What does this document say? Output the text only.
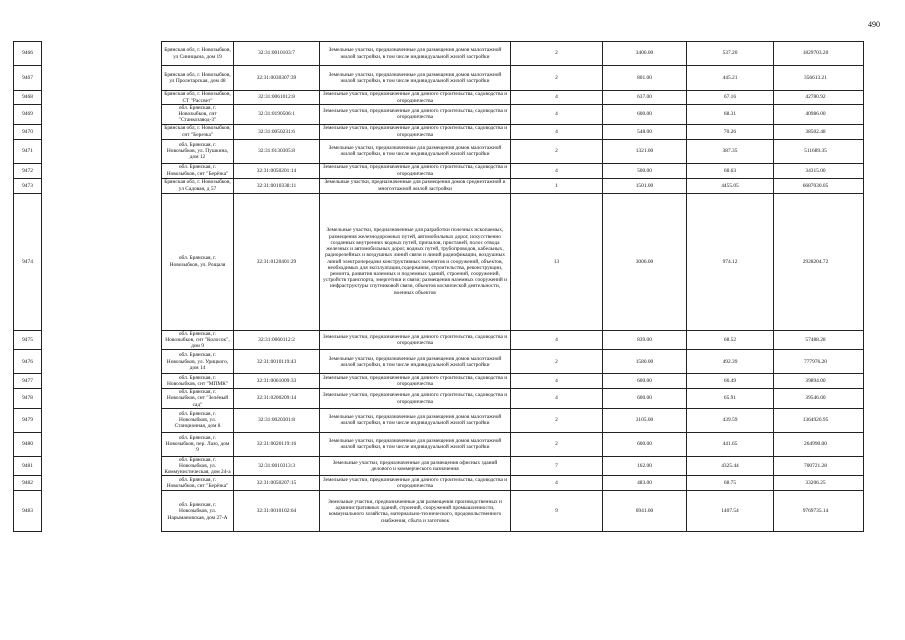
490
9466		Брянская обл, г. Новозыбков, ул Синицына, дом 19	32:31:0010103:7	Земельные участки, предназначенные для размещения домов малоэтажной жилой застройки, в том числе индивидуальной жилой застройки	2	3406.00	537.20	1829703.20
9467		Брянская обл, г. Новозыбков, ул Пролетарская, дом 48	32:31:0030307:39	Земельные участки, предназначенные для размещения домов малоэтажной жилой застройки, в том числе индивидуальной жилой застройки	2	801.00	445.21	356613.21
9468		Брянская обл, г. Новозыбков, СТ "Рассвет"	32:31:0061012:8	Земельные участки, предназначенные для дачного строительства, садоводства и огородничества	4	637.00	67.16	42780.92
9469		обл. Брянская, г. Новозыбков, снт "Станкозавод-3"	32:31:0190506:1	Земельные участки, предназначенные для дачного строительства, садоводства и огородничества	4	600.00	68.31	40986.00
9470		Брянская обл, г. Новозыбков, снт "Березка"	32:31:0050231:6	Земельные участки, предназначенные для дачного строительства, садоводства и огородничества	4	548.00	70.26	38502.48
9471		обл. Брянская, г. Новозыбков, ул. Пушкина, дом 12	32:31:0130305:8	Земельные участки, предназначенные для размещения домов малоэтажной жилой застройки, в том числе индивидуальной жилой застройки	2	1321.00	387.35	511689.35
9472		обл. Брянская, г. Новозыбков, снт "Берёзка"	32:31:0050201:14	Земельные участки, предназначенные для дачного строительства, садоводства и огородничества	4	500.00	68.63	34315.00
9473		Брянская обл, г. Новозыбков, ул Садовая, д 57	32:31:0010338:11	Земельные участки, предназначенные для размещения домов среднеэтажной и многоэтажной жилой застройки	1	1501.00	4455.05	6687030.05
9474		обл. Брянская, г. Новозыбков, ул. Рощаля	32:31:0120401:29	Земельные участки, предназначенные для разработки полезных ископаемых, размещения железнодорожных путей, автомобильных дорог, искусственно созданных внутренних водных путей, причалов, пристаней, полос отвода железных и автомобильных дорог, водных путей, трубопроводов, кабельных, радиорелейных и воздушных линий связи и линий радиофикации, воздушных линий электропередачи конструктивных элементов и сооружений, объектов, необходимых для эксплуатации,содержания, строительства, реконструкции, ремонта, развития наземных и подземных зданий, строений, сооружений, устройств транспорта, энергетики и связи; размещения наземных сооружений и инфраструктуры спутниковой связи, объектов космической деятельности, военных объектов	13	3006.00	974.12	2928204.72
9475		обл. Брянская, г. Новозыбков, снт "Колосок", дом 9	32:31:0060112:2	Земельные участки, предназначенные для дачного строительства, садоводства и огородничества	4	839.00	68.52	57488.28
9476		обл. Брянская, г. Новозыбков, ул. Урицкого, дом 14	32:31:0010119:43	Земельные участки, предназначенные для размещения домов малоэтажной жилой застройки, в том числе индивидуальной жилой застройки	2	1580.00	492.39	777976.20
9477		обл. Брянская, г. Новозыбков, снт "МПМК"	32:31:0061009:33	Земельные участки, предназначенные для дачного строительства, садоводства и огородничества	4	600.00	66.49	39894.00
9478		обл. Брянская, г. Новозыбков, снт "Зелёный сад"	32:31:0200209:14	Земельные участки, предназначенные для дачного строительства, садоводства и огородничества	4	600.00	65.91	39546.00
9479		обл. Брянская, г. Новозыбков, ул. Станционная, дом 8	32:31:0020301:8	Земельные участки, предназначенные для размещения домов малоэтажной жилой застройки, в том числе индивидуальной жилой застройки	2	3105.00	439.59	1364926.95
9480		обл. Брянская, г. Новозыбков, пер. Лазо, дом 9	32:31:0020119:16	Земельные участки, предназначенные для размещения домов малоэтажной жилой застройки, в том числе индивидуальной жилой застройки	2	600.00	441.65	264990.00
9481		обл. Брянская, г. Новозыбков, ул. Коммунистическая, дом 24-а	32:31:0010313:3	Земельные участки, предназначенные для размещения офисных зданий делового и коммерческого назначения	7	162.00	4325.44	700721.28
9482		обл. Брянская, г. Новозыбков, снт "Берёзка"	32:31:0050207:15	Земельные участки, предназначенные для дачного строительства, садоводства и огородничества	4	483.00	68.75	33206.25
9483		обл. Брянская, г. Новозыбков, ул. Нарымановская, дом 27-А	32:31:0010102:64	Земельные участки, предназначенные для размещения производственных и административных зданий, строений, сооружений промышленности, коммунального хозяйства, материально-технического, продовольственного снабжения, сбыта и заготовок	9	6941.00	1407.54	9769735.14
